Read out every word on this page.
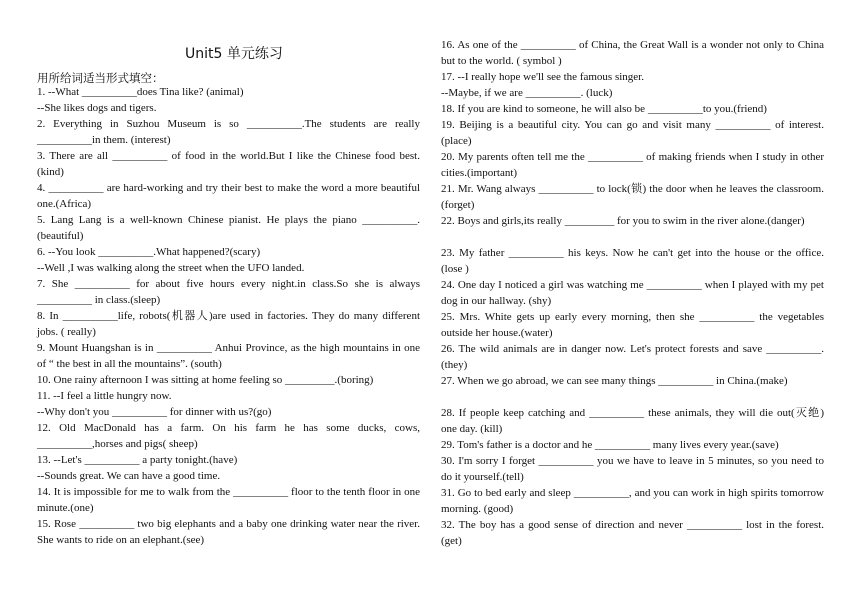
Unit5 单元练习
用所给词适当形式填空：

1. --What __________does Tina like? (animal)

--She likes dogs and tigers.

2. Everything in Suzhou Museum is so __________.The students are really __________in them. (interest)

3. There are all __________ of food in the world.But I like the Chinese food best. (kind)

4. __________ are hard-working and try their best to make the word a more beautiful one.(Africa)

5. Lang Lang is a well-known Chinese pianist. He plays the piano __________. (beautiful)

6. --You look __________.What happened?(scary)

--Well ,I was walking along the street when the UFO landed.

7. She __________ for about five hours every night.in class.So she is always __________ in class.(sleep)

8. In __________life, robots(机器人)are used in factories. They do many different jobs. ( really)

9. Mount Huangshan is in __________ Anhui Province, as the high mountains in one of “ the best in all the mountains”. (south)

10. One rainy afternoon I was sitting at home feeling so _________.(boring)

11. --I feel a little hungry now.

--Why don't you __________ for dinner with us?(go)

12. Old MacDonald has a farm. On his farm he has some ducks, cows, __________,horses and pigs( sheep)

13. --Let's __________ a party tonight.(have)

--Sounds great. We can have a good time.

14. It is impossible for me to walk from the __________ floor to the tenth floor in one minute.(one)

15. Rose __________ two big elephants and a baby one drinking water near the river. She wants to ride on an elephant.(see)

16. As one of the __________ of China, the Great Wall is a wonder not only to China but to the world. ( symbol )

17. --I really hope we'll see the famous singer.

--Maybe, if we are __________. (luck)

18. If you are kind to someone, he will also be __________to you.(friend)

19. Beijing is a beautiful city. You can go and visit many __________ of interest. (place)

20. My parents often tell me the __________ of making friends when I study in other cities.(important)

21. Mr. Wang always __________ to lock(锁) the door when he leaves the classroom. (forget)

22. Boys and girls,its really _________ for you to swim in the river alone.(danger)

23. My father __________ his keys. Now he can't get into the house or the office. (lose )

24. One day I noticed a girl was watching me __________ when I played with my pet dog in our hallway. (shy)

25. Mrs. White gets up early every morning, then she __________ the vegetables outside her house.(water)

26. The wild animals are in danger now. Let's protect forests and save __________.(they)

27. When we go abroad, we can see many things __________ in China.(make)

28. If people keep catching and __________ these animals, they will die out(灭绝) one day. (kill)

29. Tom's father is a doctor and he __________ many lives every year.(save)

30. I'm sorry I forget __________ you we have to leave in 5 minutes, so you need to do it yourself.(tell)

31. Go to bed early and sleep __________, and you can work in high spirits tomorrow morning. (good)

32. The boy has a good sense of direction and never __________ lost in the forest. (get)
